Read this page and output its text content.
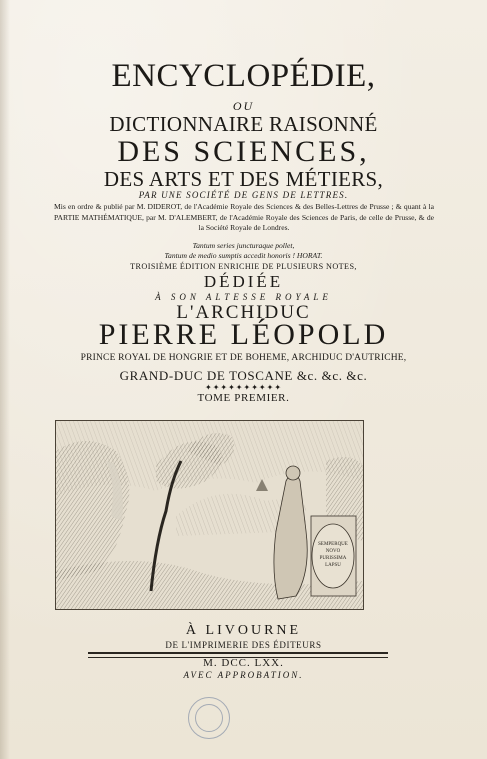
ENCYCLOPÉDIE,
OU
DICTIONNAIRE RAISONNÉ
DES SCIENCES,
DES ARTS ET DES MÉTIERS,
PAR UNE SOCIÉTÉ DE GENS DE LETTRES.
Mis en ordre & publié par M. DIDEROT, de l'Académie Royale des Sciences & des Belles-Lettres de Prusse ; & quant à la PARTIE MATHÉMATIQUE, par M. D'ALEMBERT, de l'Académie Royale des Sciences de Paris, de celle de Prusse, & de la Société Royale de Londres.
Tantum series juncturaque pollet,
Tantum de medio sumptis accedit honoris ! HORAT.
TROISIÈME ÉDITION ENRICHIE DE PLUSIEURS NOTES,
DÉDIÉE
À SON ALTESSE ROYALE
L'ARCHIDUC
PIERRE LÉOPOLD
PRINCE ROYAL DE HONGRIE ET DE BOHEME, ARCHIDUC D'AUTRICHE,
GRAND-DUC DE TOSCANE &c. &c. &c.
✦✦✦✦✦✦✦✦✦✦
TOME PREMIER.
SEMPERQUE
NOVO
PURISSIMA
LAPSU
À LIVOURNE
DE L'IMPRIMERIE DES ÉDITEURS
M. DCC. LXX.
AVEC APPROBATION.
